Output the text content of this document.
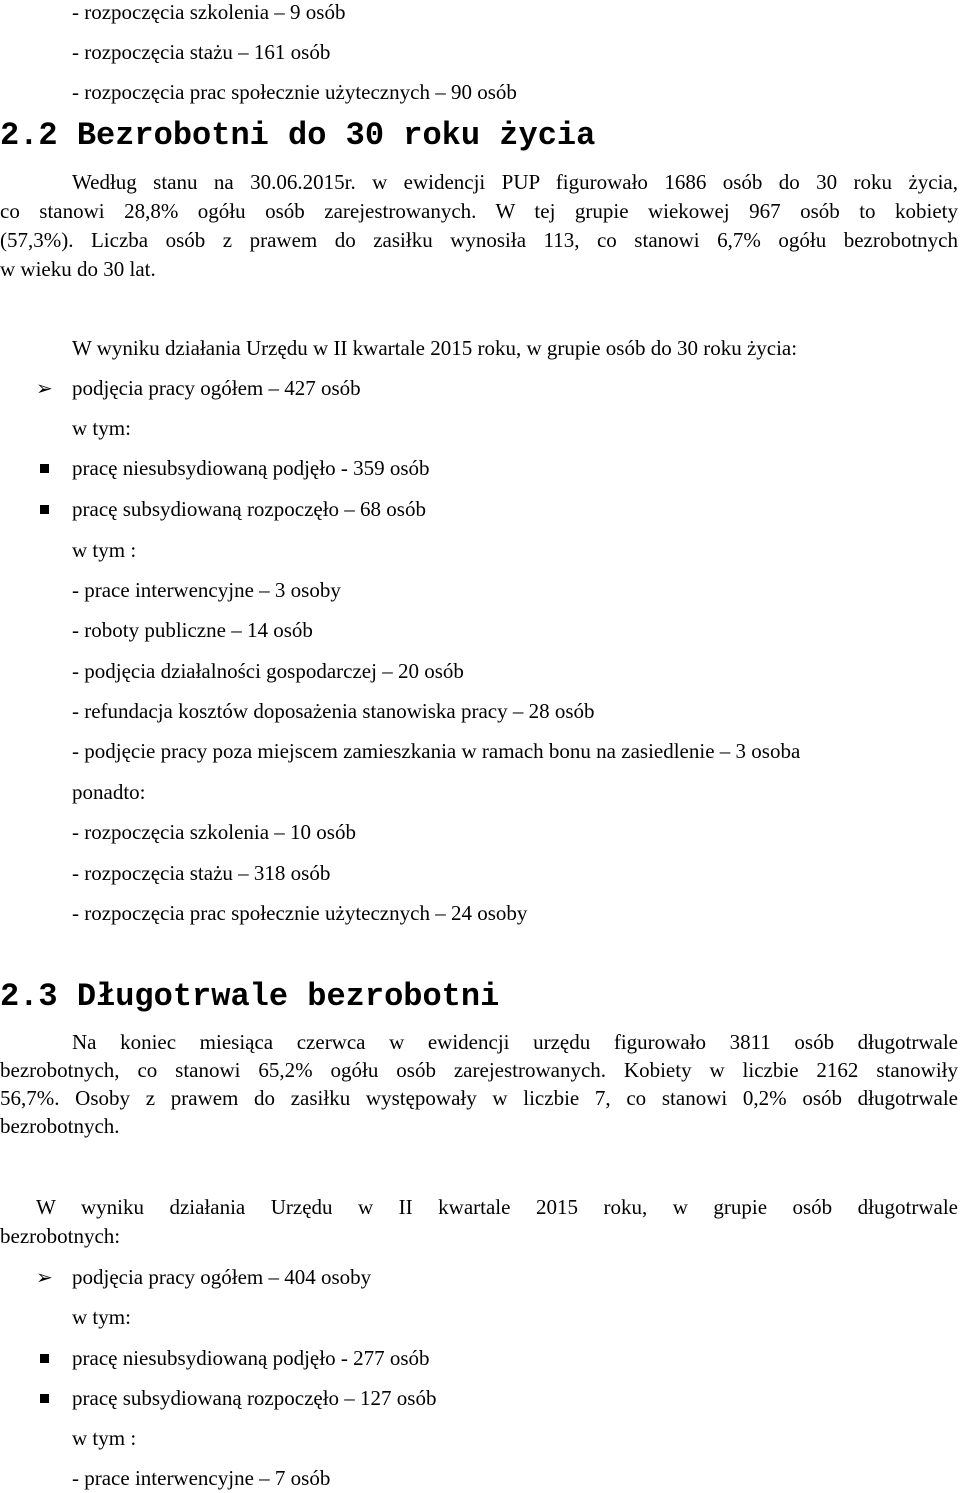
- rozpoczęcia szkolenia – 9 osób
- rozpoczęcia stażu – 161 osób
- rozpoczęcia prac społecznie użytecznych – 90 osób
2.2 Bezrobotni do 30 roku życia
Według stanu na 30.06.2015r. w ewidencji PUP figurowało 1686 osób do 30 roku życia,
co stanowi 28,8% ogółu osób zarejestrowanych. W tej grupie wiekowej 967 osób to kobiety
(57,3%). Liczba osób z prawem do zasiłku wynosiła 113, co stanowi 6,7% ogółu bezrobotnych
w wieku do 30 lat.
W wyniku działania Urzędu w II kwartale 2015 roku, w grupie osób do 30 roku życia:
➢ podjęcia pracy ogółem – 427 osób
w tym:
pracę niesubsydiowaną podjęło - 359 osób
pracę subsydiowaną rozpoczęło – 68 osób
w tym :
- prace interwencyjne – 3 osoby
- roboty publiczne – 14 osób
- podjęcia działalności gospodarczej – 20 osób
- refundacja kosztów doposażenia stanowiska pracy – 28 osób
- podjęcie pracy poza miejscem zamieszkania w ramach bonu na zasiedlenie – 3 osoba
ponadto:
- rozpoczęcia szkolenia – 10 osób
- rozpoczęcia stażu – 318 osób
- rozpoczęcia prac społecznie użytecznych – 24 osoby
2.3 Długotrwale bezrobotni
Na koniec miesiąca czerwca w ewidencji urzędu figurowało 3811 osób długotrwale
bezrobotnych, co stanowi 65,2% ogółu osób zarejestrowanych. Kobiety w liczbie 2162 stanowiły
56,7%. Osoby z prawem do zasiłku występowały w liczbie 7, co stanowi 0,2% osób długotrwale
bezrobotnych.
W wyniku działania Urzędu w II kwartale 2015 roku, w grupie osób długotrwale
bezrobotnych:
➢ podjęcia pracy ogółem – 404 osoby
w tym:
pracę niesubsydiowaną podjęło - 277 osób
pracę subsydiowaną rozpoczęło – 127 osób
w tym :
- prace interwencyjne – 7 osób
